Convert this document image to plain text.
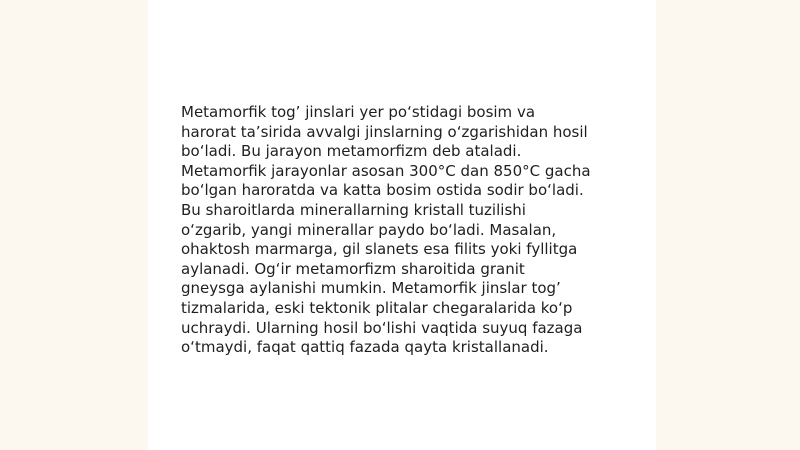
Metamorfik tog’ jinslari yer po‘stidagi bosim va
harorat ta’sirida avvalgi jinslarning o‘zgarishidan hosil
bo‘ladi. Bu jarayon metamorfizm deb ataladi.
Metamorfik jarayonlar asosan 300°C dan 850°C gacha
bo‘lgan haroratda va katta bosim ostida sodir bo‘ladi.
Bu sharoitlarda minerallarning kristall tuzilishi
o‘zgarib, yangi minerallar paydo bo‘ladi. Masalan,
ohaktosh marmarga, gil slanets esa filits yoki fyllitga
aylanadi. Og‘ir metamorfizm sharoitida granit
gneysga aylanishi mumkin. Metamorfik jinslar tog’
tizmalarida, eski tektonik plitalar chegaralarida ko‘p
uchraydi. Ularning hosil bo‘lishi vaqtida suyuq fazaga
o‘tmaydi, faqat qattiq fazada qayta kristallanadi.
